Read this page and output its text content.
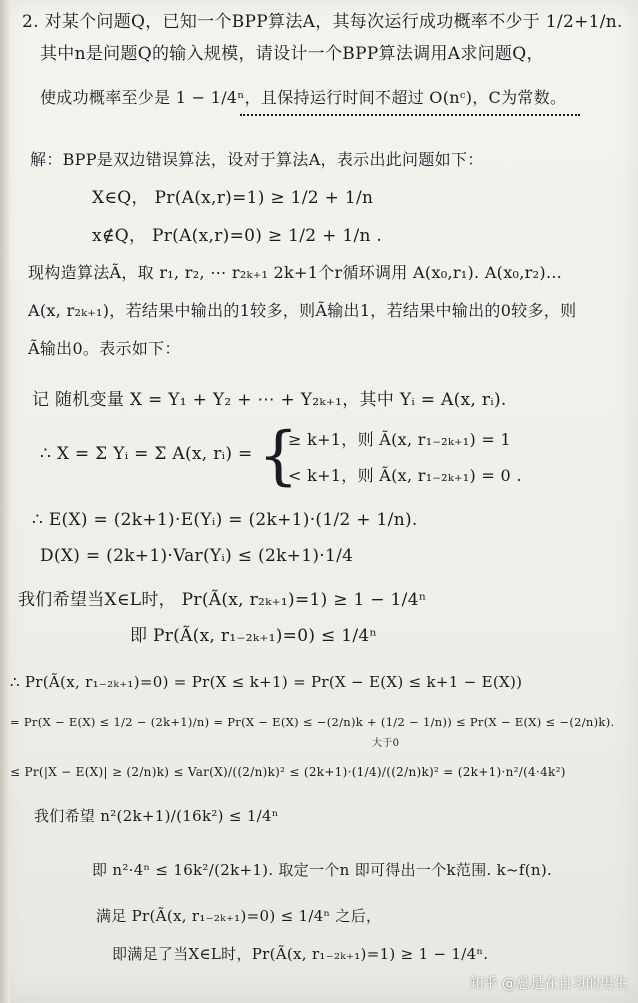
2. 对某个问题Q，已知一个BPP算法A，其每次运行成功概率不少于 1/2+1/n.
其中n是问题Q的输入规模，请设计一个BPP算法调用A求问题Q，
使成功概率至少是 1 − 1/4ⁿ，且保持运行时间不超过 O(nᶜ)，C为常数。
解：BPP是双边错误算法，设对于算法A，表示出此问题如下：
X∈Q， Pr(A(x,r)=1) ≥ 1/2 + 1/n
x∉Q， Pr(A(x,r)=0) ≥ 1/2 + 1/n .
现构造算法Ã，取 r₁, r₂, ⋯ r₂ₖ₊₁ 2k+1个r循环调用 A(x₀,r₁). A(x₀,r₂)…
A(x, r₂ₖ₊₁)，若结果中输出的1较多，则Ã输出1，若结果中输出的0较多，则
Ã输出0。表示如下：
记 随机变量 X = Y₁ + Y₂ + ⋯ + Y₂ₖ₊₁，其中 Yᵢ = A(x, rᵢ).
∴ X = Σ Yᵢ = Σ A(x, rᵢ) = {
≥ k+1，则 Ã(x, r₁₋₂ₖ₊₁) = 1
< k+1，则 Ã(x, r₁₋₂ₖ₊₁) = 0 .
∴ E(X) = (2k+1)·E(Yᵢ) = (2k+1)·(1/2 + 1/n).
D(X) = (2k+1)·Var(Yᵢ) ≤ (2k+1)·1/4
我们希望当X∈L时， Pr(Ã(x, r₂ₖ₊₁)=1) ≥ 1 − 1/4ⁿ
即 Pr(Ã(x, r₁₋₂ₖ₊₁)=0) ≤ 1/4ⁿ
∴ Pr(Ã(x, r₁₋₂ₖ₊₁)=0) = Pr(X ≤ k+1) = Pr(X − E(X) ≤ k+1 − E(X))
= Pr(X − E(X) ≤ 1/2 − (2k+1)/n) = Pr(X − E(X) ≤ −(2/n)k + (1/2 − 1/n)) ≤ Pr(X − E(X) ≤ −(2/n)k).
大于0
≤ Pr(|X − E(X)| ≥ (2/n)k) ≤ Var(X)/((2/n)k)² ≤ (2k+1)·(1/4)/((2/n)k)² = (2k+1)·n²/(4·4k²)
我们希望 n²(2k+1)/(16k²) ≤ 1/4ⁿ
即 n²·4ⁿ ≤ 16k²/(2k+1). 取定一个n 即可得出一个k范围. k~f(n).
满足 Pr(Ã(x, r₁₋₂ₖ₊₁)=0) ≤ 1/4ⁿ 之后，
即满足了当X∈L时，Pr(Ã(x, r₁₋₂ₖ₊₁)=1) ≥ 1 − 1/4ⁿ.
知乎 @总是在自习的男生
